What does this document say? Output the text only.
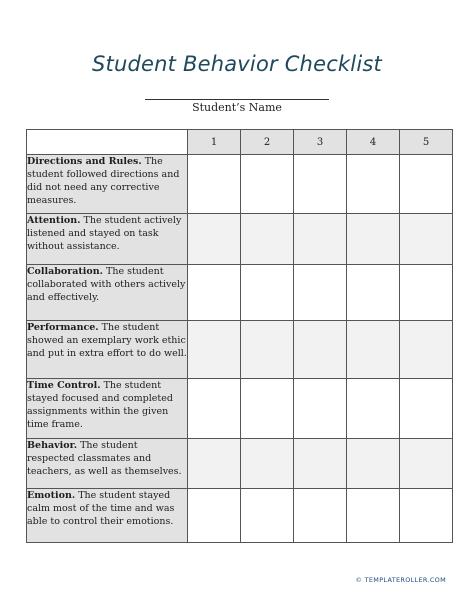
Student Behavior Checklist
Student’s Name
	1	2	3	4	5
Directions and Rules. The student followed directions and did not need any corrective measures.					
Attention. The student actively listened and stayed on task without assistance.					
Collaboration. The student collaborated with others actively and effectively.					
Performance. The student showed an exemplary work ethic and put in extra effort to do well.					
Time Control. The student stayed focused and completed assignments within the given time frame.					
Behavior. The student respected classmates and teachers, as well as themselves.					
Emotion. The student stayed calm most of the time and was able to control their emotions.					
© TEMPLATEROLLER.COM
